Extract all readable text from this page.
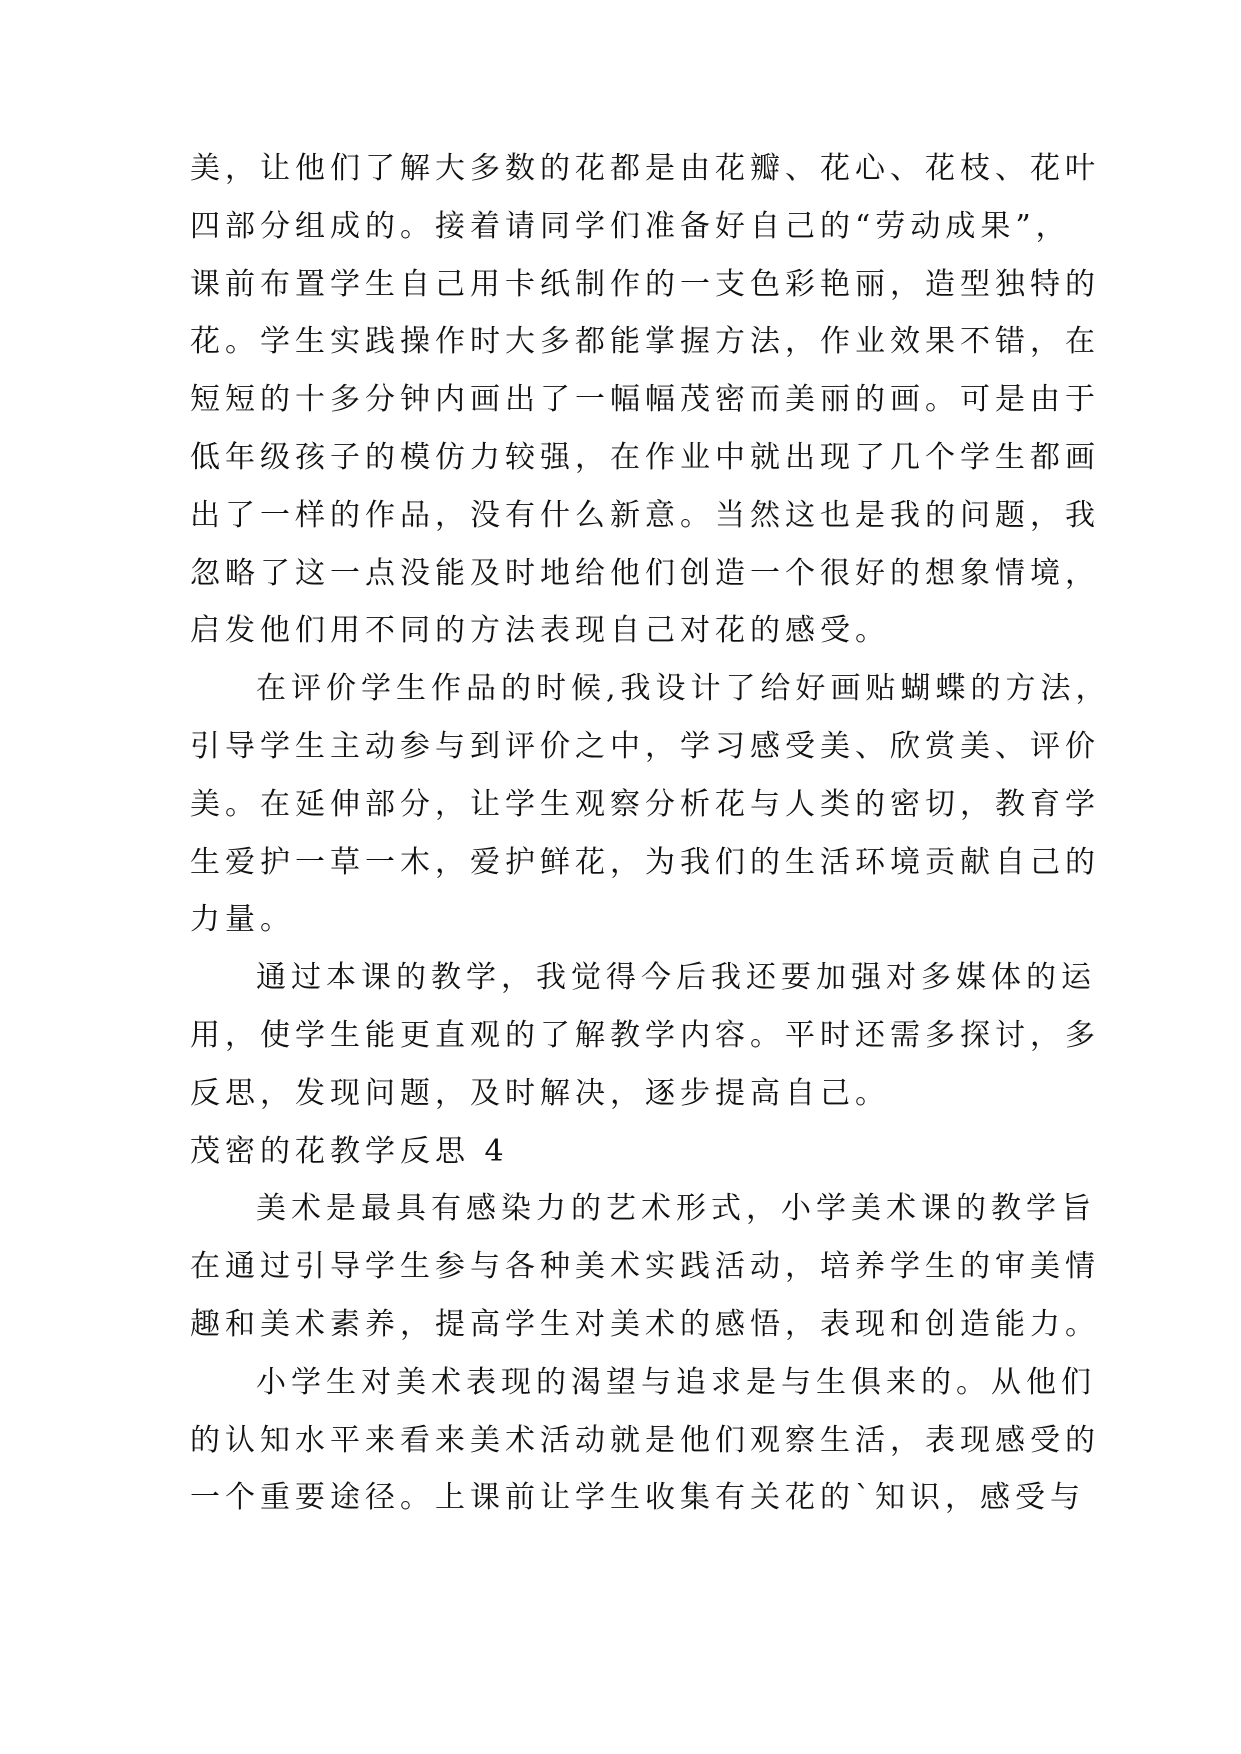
美，让他们了解大多数的花都是由花瓣、花心、花枝、花叶
四部分组成的。接着请同学们准备好自己的“劳动成果”，
课前布置学生自己用卡纸制作的一支色彩艳丽，造型独特的
花。学生实践操作时大多都能掌握方法，作业效果不错，在
短短的十多分钟内画出了一幅幅茂密而美丽的画。可是由于
低年级孩子的模仿力较强，在作业中就出现了几个学生都画
出了一样的作品，没有什么新意。当然这也是我的问题，我
忽略了这一点没能及时地给他们创造一个很好的想象情境，
启发他们用不同的方法表现自己对花的感受。
在评价学生作品的时候,我设计了给好画贴蝴蝶的方法，
引导学生主动参与到评价之中，学习感受美、欣赏美、评价
美。在延伸部分，让学生观察分析花与人类的密切，教育学
生爱护一草一木，爱护鲜花，为我们的生活环境贡献自己的
力量。
通过本课的教学，我觉得今后我还要加强对多媒体的运
用，使学生能更直观的了解教学内容。平时还需多探讨，多
反思，发现问题，及时解决，逐步提高自己。
茂密的花教学反思 4
美术是最具有感染力的艺术形式，小学美术课的教学旨
在通过引导学生参与各种美术实践活动，培养学生的审美情
趣和美术素养，提高学生对美术的感悟，表现和创造能力。
小学生对美术表现的渴望与追求是与生俱来的。从他们
的认知水平来看来美术活动就是他们观察生活，表现感受的
一个重要途径。上课前让学生收集有关花的`知识，感受与
